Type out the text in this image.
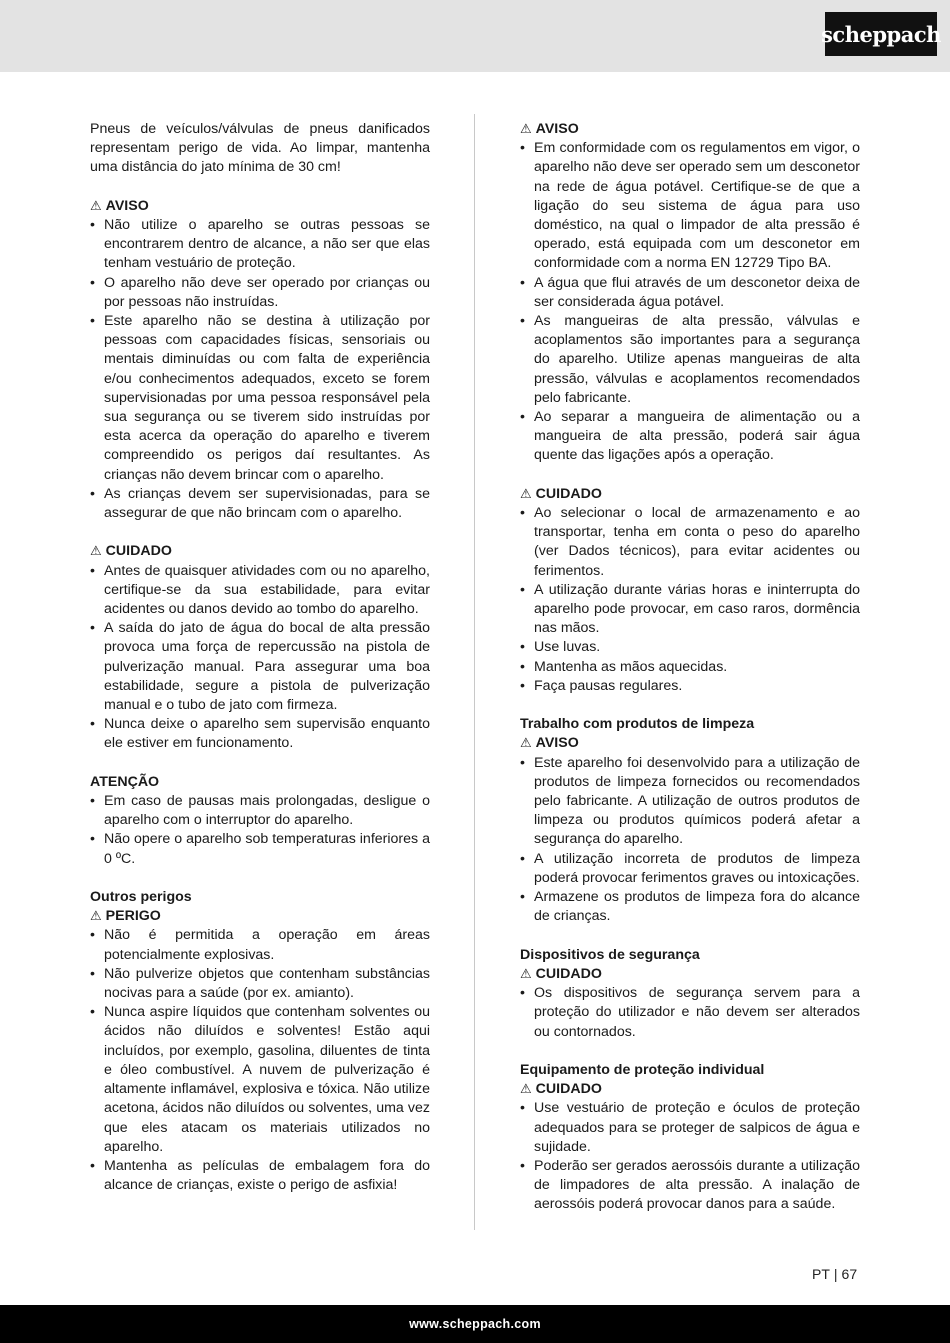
scheppach

Pneus de veículos/válvulas de pneus danificados representam perigo de vida. Ao limpar, mantenha uma distância do jato mínima de 30 cm!

⚠ AVISO
• Não utilize o aparelho se outras pessoas se encontrarem dentro de alcance, a não ser que elas tenham vestuário de proteção.
• O aparelho não deve ser operado por crianças ou por pessoas não instruídas.
• Este aparelho não se destina à utilização por pessoas com capacidades físicas, sensoriais ou mentais diminuídas ou com falta de experiência e/ou conhecimentos adequados, exceto se forem supervisionadas por uma pessoa responsável pela sua segurança ou se tiverem sido instruídas por esta acerca da operação do aparelho e tiverem compreendido os perigos daí resultantes. As crianças não devem brincar com o aparelho.
• As crianças devem ser supervisionadas, para se assegurar de que não brincam com o aparelho.
⚠ CUIDADO
• Antes de quaisquer atividades com ou no aparelho, certifique-se da sua estabilidade, para evitar acidentes ou danos devido ao tombo do aparelho.
• A saída do jato de água do bocal de alta pressão provoca uma força de repercussão na pistola de pulverização manual. Para assegurar uma boa estabilidade, segure a pistola de pulverização manual e o tubo de jato com firmeza.
• Nunca deixe o aparelho sem supervisão enquanto ele estiver em funcionamento.
ATENÇÃO
• Em caso de pausas mais prolongadas, desligue o aparelho com o interruptor do aparelho.
• Não opere o aparelho sob temperaturas inferiores a 0 ºC.
Outros perigos
⚠ PERIGO
• Não é permitida a operação em áreas potencialmente explosivas.
• Não pulverize objetos que contenham substâncias nocivas para a saúde (por ex. amianto).
• Nunca aspire líquidos que contenham solventes ou ácidos não diluídos e solventes! Estão aqui incluídos, por exemplo, gasolina, diluentes de tinta e óleo combustível. A nuvem de pulverização é altamente inflamável, explosiva e tóxica. Não utilize acetona, ácidos não diluídos ou solventes, uma vez que eles atacam os materiais utilizados no aparelho.
• Mantenha as películas de embalagem fora do alcance de crianças, existe o perigo de asfixia!
⚠ AVISO
• Em conformidade com os regulamentos em vigor, o aparelho não deve ser operado sem um desconetor na rede de água potável. Certifique-se de que a ligação do seu sistema de água para uso doméstico, na qual o limpador de alta pressão é operado, está equipada com um desconetor em conformidade com a norma EN 12729 Tipo BA.
• A água que flui através de um desconetor deixa de ser considerada água potável.
• As mangueiras de alta pressão, válvulas e acoplamentos são importantes para a segurança do aparelho. Utilize apenas mangueiras de alta pressão, válvulas e acoplamentos recomendados pelo fabricante.
• Ao separar a mangueira de alimentação ou a mangueira de alta pressão, poderá sair água quente das ligações após a operação.
⚠ CUIDADO
• Ao selecionar o local de armazenamento e ao transportar, tenha em conta o peso do aparelho (ver Dados técnicos), para evitar acidentes ou ferimentos.
• A utilização durante várias horas e ininterrupta do aparelho pode provocar, em caso raros, dormência nas mãos.
• Use luvas.
• Mantenha as mãos aquecidas.
• Faça pausas regulares.
Trabalho com produtos de limpeza
⚠ AVISO
• Este aparelho foi desenvolvido para a utilização de produtos de limpeza fornecidos ou recomendados pelo fabricante. A utilização de outros produtos de limpeza ou produtos químicos poderá afetar a segurança do aparelho.
• A utilização incorreta de produtos de limpeza poderá provocar ferimentos graves ou intoxicações.
• Armazene os produtos de limpeza fora do alcance de crianças.
Dispositivos de segurança
⚠ CUIDADO
• Os dispositivos de segurança servem para a proteção do utilizador e não devem ser alterados ou contornados.
Equipamento de proteção individual
⚠ CUIDADO
• Use vestuário de proteção e óculos de proteção adequados para se proteger de salpicos de água e sujidade.
• Poderão ser gerados aerossóis durante a utilização de limpadores de alta pressão. A inalação de aerossóis poderá provocar danos para a saúde.
PT | 67
www.scheppach.com
